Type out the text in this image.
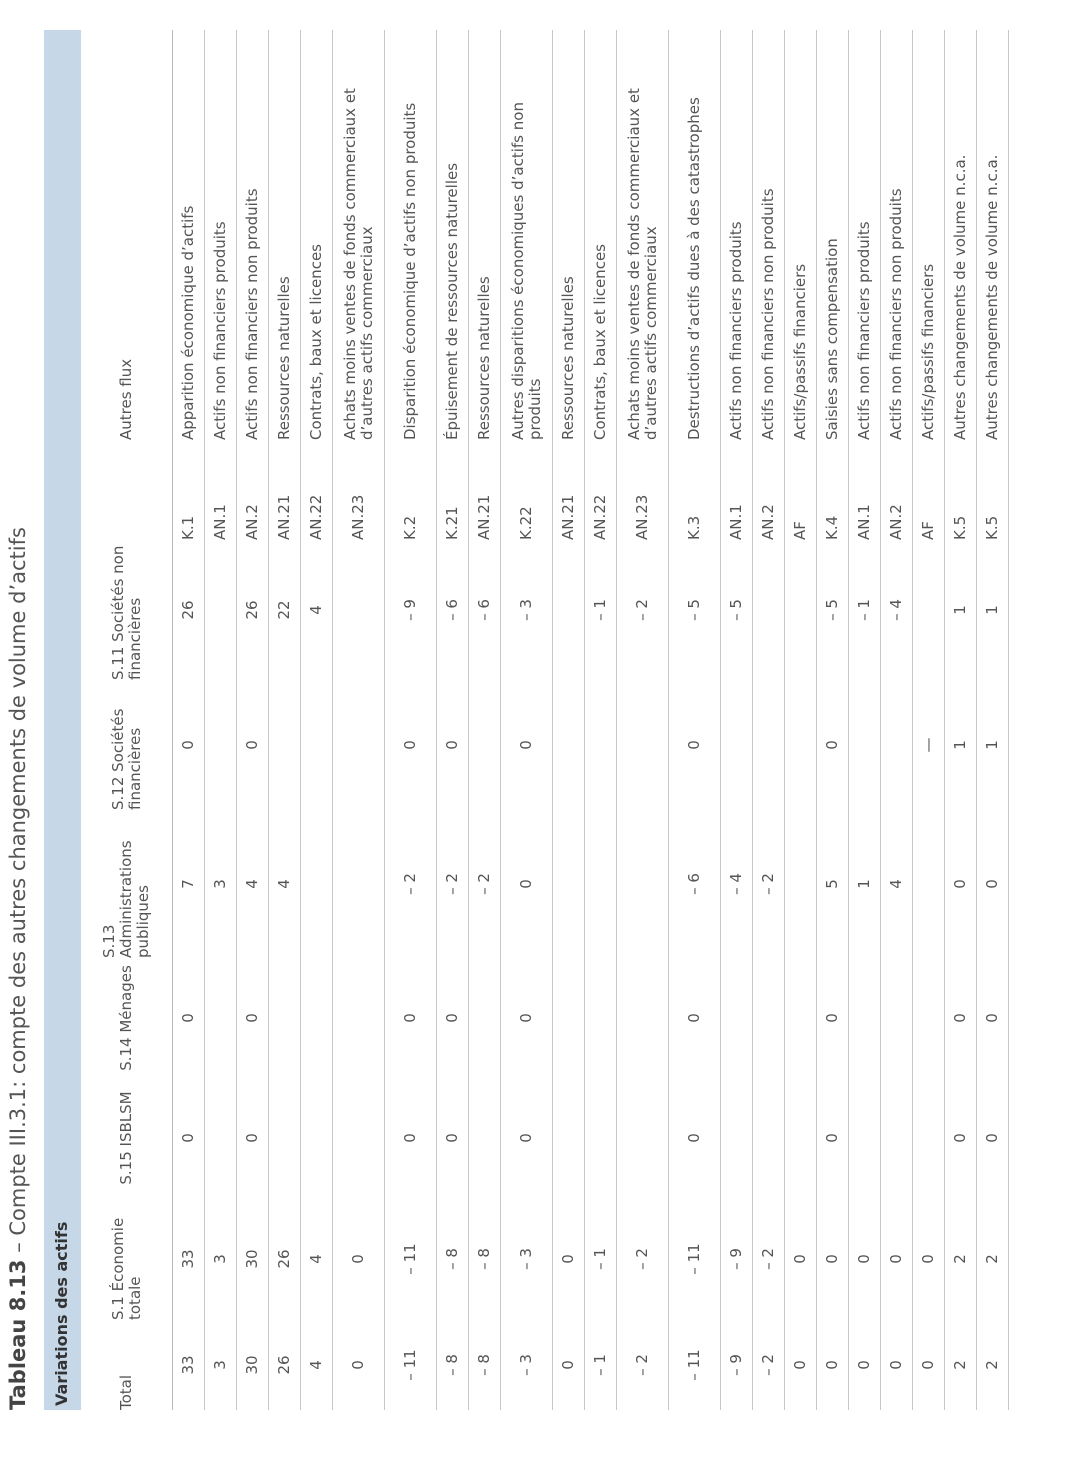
Tableau 8.13 – Compte III.3.1: compte des autres changements de volume d’actifs
Variations des actifs	Total
S.1 Économie totale
S.15 ISBLSM
S.14 Ménages
S.13 Administrations publiques
S.12 Sociétés financières
S.11 Sociétés non financières
Autres flux
33
33
0
0
7
0
26
K.1
Apparition économique d’actifs
3
3
3
AN.1
Actifs non financiers produits
30
30
0
0
4
0
26
AN.2
Actifs non financiers non produits
26
26
4
22
AN.21
Ressources naturelles
4
4
4
AN.22
Contrats, baux et licences
0
0
AN.23
Achats moins ventes de fonds commerciaux et d’autres actifs commerciaux
– 11
– 11
0
0
– 2
0
– 9
K.2
Disparition économique d’actifs non produits
– 8
– 8
0
0
– 2
0
– 6
K.21
Épuisement de ressources naturelles
– 8
– 8
– 2
– 6
AN.21
Ressources naturelles
– 3
– 3
0
0
0
0
– 3
K.22
Autres disparitions économiques d’actifs non produits
0
0
AN.21
Ressources naturelles
– 1
– 1
– 1
AN.22
Contrats, baux et licences
– 2
– 2
– 2
AN.23
Achats moins ventes de fonds commerciaux et d’autres actifs commerciaux
– 11
– 11
0
0
– 6
0
– 5
K.3
Destructions d’actifs dues à des catastrophes
– 9
– 9
– 4
– 5
AN.1
Actifs non financiers produits
– 2
– 2
– 2
AN.2
Actifs non financiers non produits
0
0
AF
Actifs/passifs financiers
0
0
0
0
5
0
– 5
K.4
Saisies sans compensation
0
0
1
– 1
AN.1
Actifs non financiers produits
0
0
4
– 4
AN.2
Actifs non financiers non produits
0
0
—
AF
Actifs/passifs financiers
2
2
0
0
0
1
1
K.5
Autres changements de volume n.c.a.
2
2
0
0
0
1
1
K.5
Autres changements de volume n.c.a.
